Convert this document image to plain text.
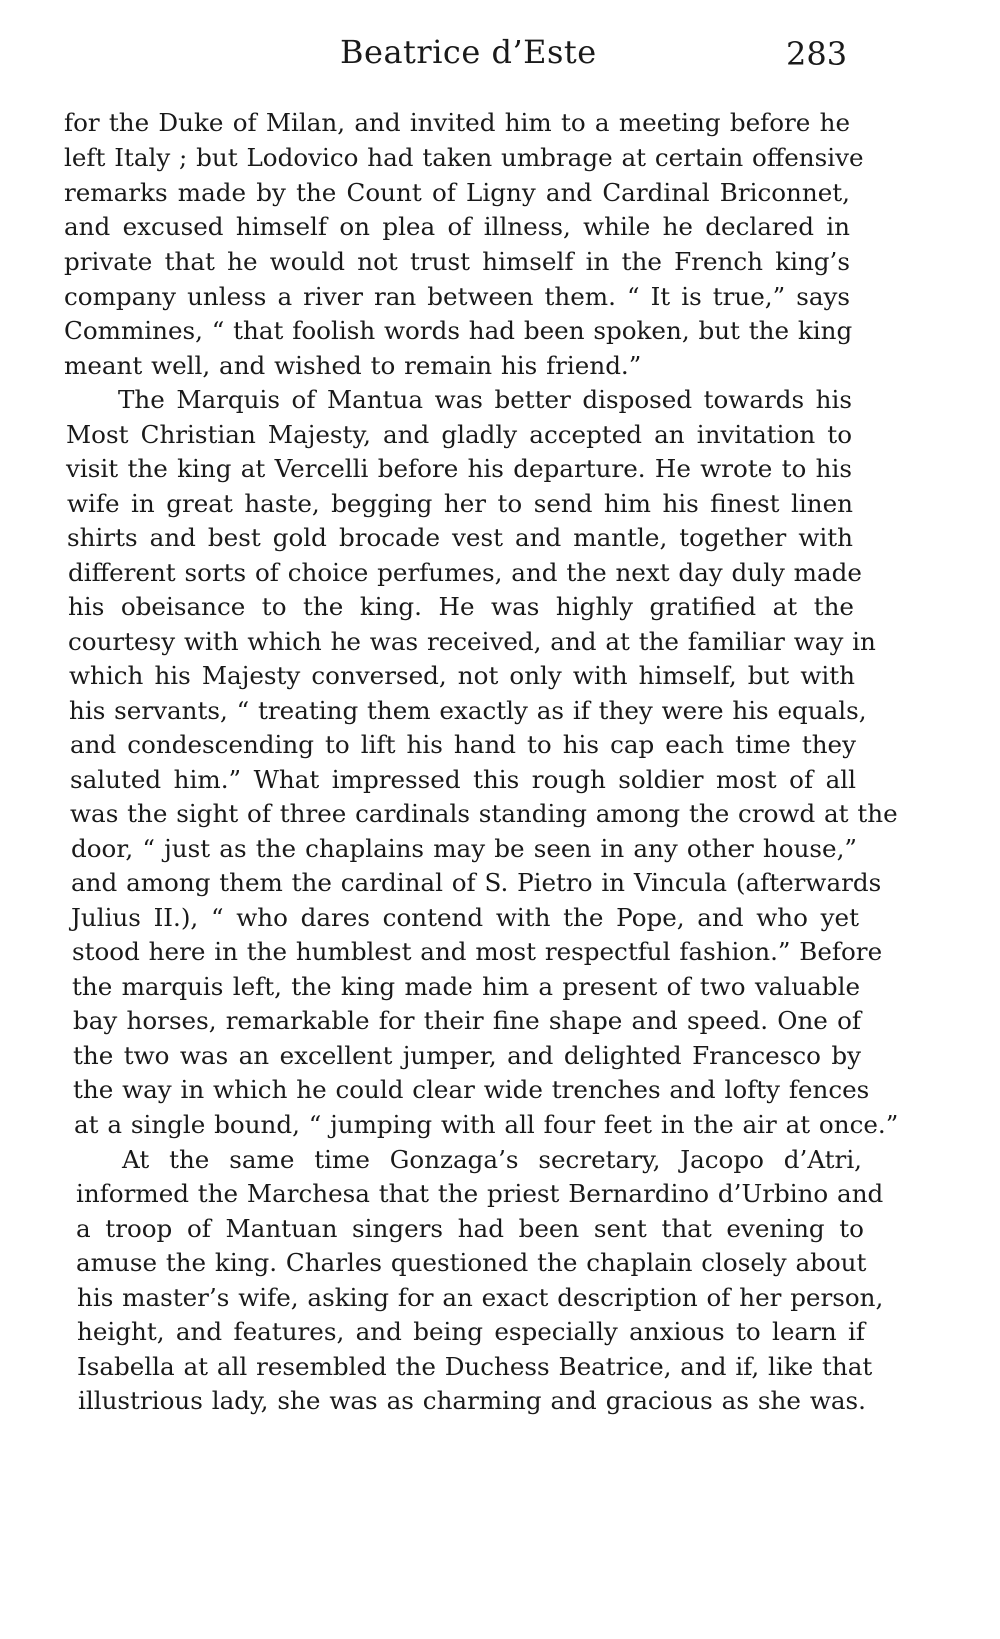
Beatrice d’Este	283
for the Duke of Milan, and invited him to a meeting before he
left Italy ; but Lodovico had taken umbrage at certain offensive
remarks made by the Count of Ligny and Cardinal Briconnet,
and excused himself on plea of illness, while he declared in
private that he would not trust himself in the French king’s
company unless a river ran between them. “ It is true,” says
Commines, “ that foolish words had been spoken, but the king
meant well, and wished to remain his friend.”
The Marquis of Mantua was better disposed towards his
Most Christian Majesty, and gladly accepted an invitation to
visit the king at Vercelli before his departure. He wrote to his
wife in great haste, begging her to send him his finest linen
shirts and best gold brocade vest and mantle, together with
different sorts of choice perfumes, and the next day duly made
his obeisance to the king. He was highly gratified at the
courtesy with which he was received, and at the familiar way in
which his Majesty conversed, not only with himself, but with
his servants, “ treating them exactly as if they were his equals,
and condescending to lift his hand to his cap each time they
saluted him.” What impressed this rough soldier most of all
was the sight of three cardinals standing among the crowd at the
door, “ just as the chaplains may be seen in any other house,”
and among them the cardinal of S. Pietro in Vincula (afterwards
Julius II.), “ who dares contend with the Pope, and who yet
stood here in the humblest and most respectful fashion.” Before
the marquis left, the king made him a present of two valuable
bay horses, remarkable for their fine shape and speed. One of
the two was an excellent jumper, and delighted Francesco by
the way in which he could clear wide trenches and lofty fences
at a single bound, “ jumping with all four feet in the air at once.”
At the same time Gonzaga’s secretary, Jacopo d’Atri,
informed the Marchesa that the priest Bernardino d’Urbino and
a troop of Mantuan singers had been sent that evening to
amuse the king. Charles questioned the chaplain closely about
his master’s wife, asking for an exact description of her person,
height, and features, and being especially anxious to learn if
Isabella at all resembled the Duchess Beatrice, and if, like that
illustrious lady, she was as charming and gracious as she was.
